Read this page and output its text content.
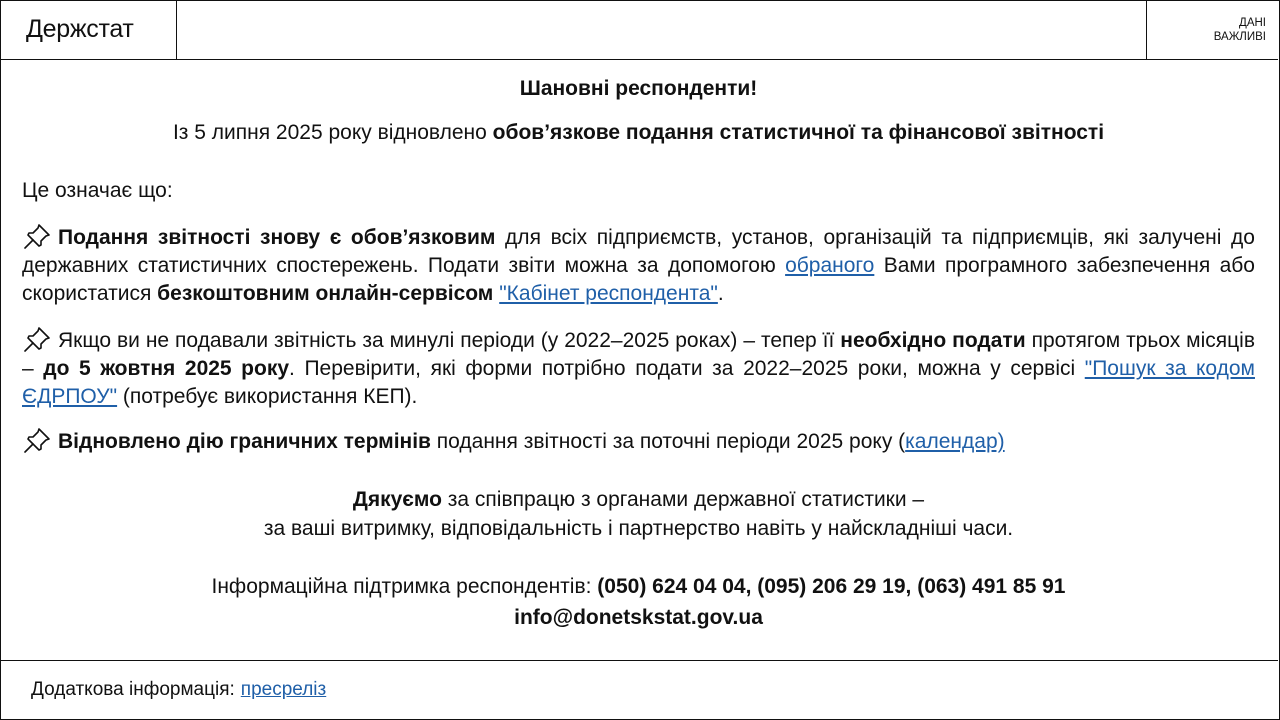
Держстат	ДАНІ
ВАЖЛИВІ
Шановні респонденти!
Із 5 липня 2025 року відновлено обов’язкове подання статистичної та фінансової звітності
Це означає що:
Подання звітності знову є обов’язковим для всіх підприємств, установ, організацій та підприємців, які залучені до державних статистичних спостережень. Подати звіти можна за допомогою обраного Вами програмного забезпечення або скористатися безкоштовним онлайн-сервісом "Кабінет респондента".
Якщо ви не подавали звітність за минулі періоди (у 2022–2025 роках) – тепер її необхідно подати протягом трьох місяців – до 5 жовтня 2025 року. Перевірити, які форми потрібно подати за 2022–2025 роки, можна у сервісі "Пошук за кодом ЄДРПОУ" (потребує використання КЕП).
Відновлено дію граничних термінів подання звітності за поточні періоди 2025 року (календар)
Дякуємо за співпрацю з органами державної статистики –
за ваші витримку, відповідальність і партнерство навіть у найскладніші часи.
Інформаційна підтримка респондентів: (050) 624 04 04, (095) 206 29 19, (063) 491 85 91
info@donetskstat.gov.ua
Додаткова інформація: пресреліз
